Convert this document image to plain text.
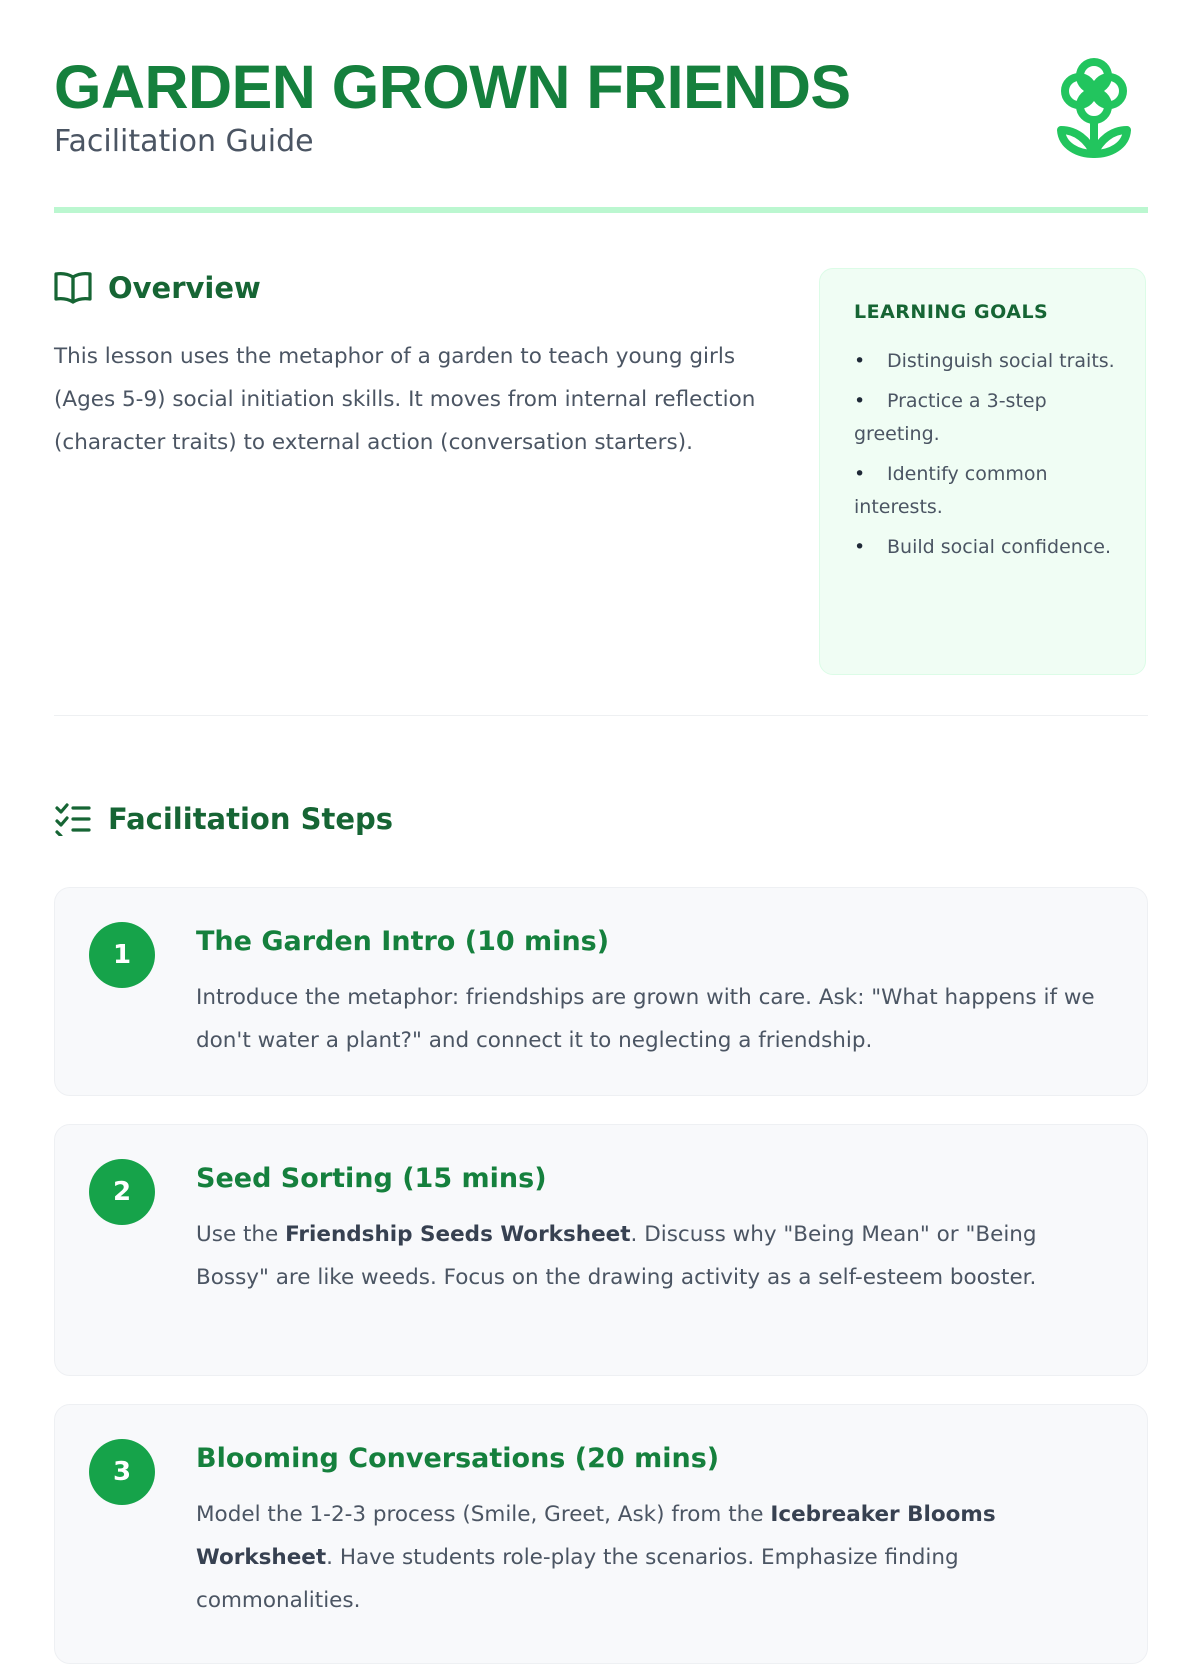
GARDEN GROWN FRIENDS

Facilitation Guide

Overview

This lesson uses the metaphor of a garden to teach young girls (Ages 5-9) social initiation skills. It moves from internal reflection (character traits) to external action (conversation starters).

LEARNING GOALS
• Distinguish social traits.
• Practice a 3-step greeting.
• Identify common interests.
• Build social confidence.
Facilitation Steps
1	The Garden Intro (10 mins)

Introduce the metaphor: friendships are grown with care. Ask: "What happens if we don't water a plant?" and connect it to neglecting a friendship.

2	Seed Sorting (15 mins)

Use the Friendship Seeds Worksheet. Discuss why "Being Mean" or "Being Bossy" are like weeds. Focus on the drawing activity as a self-esteem booster.

3	Blooming Conversations (20 mins)

Model the 1-2-3 process (Smile, Greet, Ask) from the Icebreaker Blooms Worksheet. Have students role-play the scenarios. Emphasize finding commonalities.
